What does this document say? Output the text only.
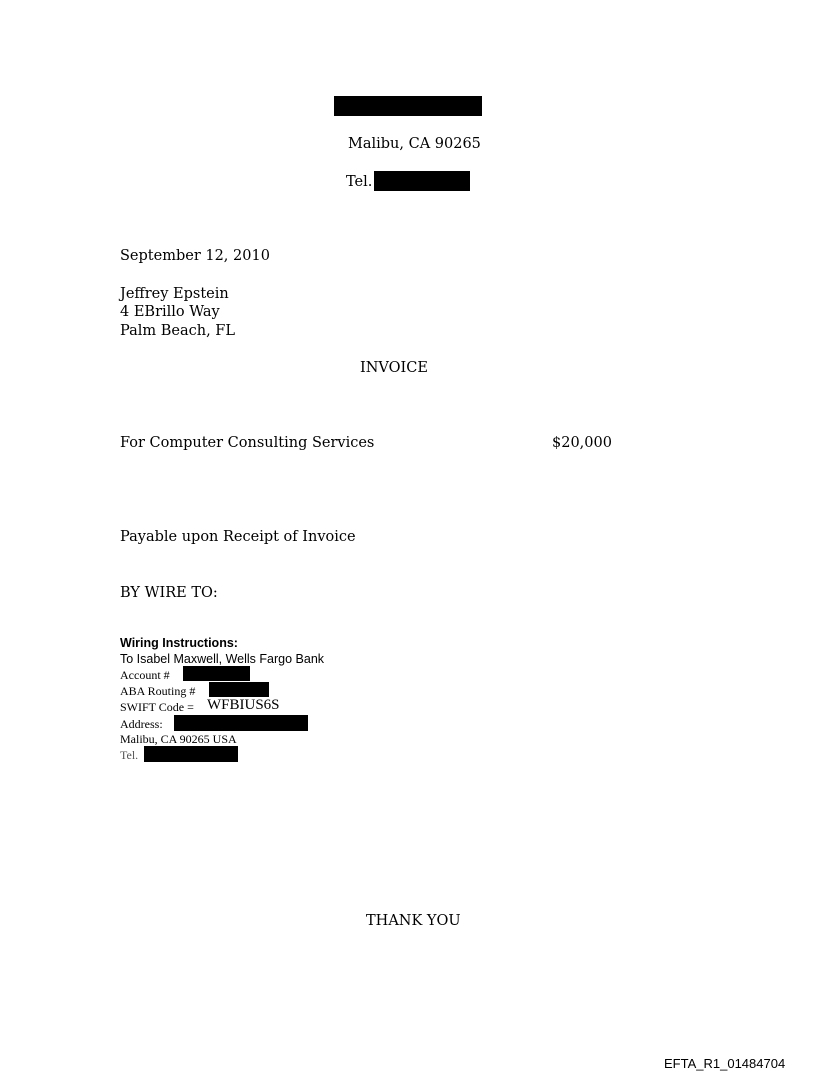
Malibu, CA 90265
Tel.
September 12, 2010
Jeffrey Epstein
4 EBrillo Way
Palm Beach, FL
INVOICE
For Computer Consulting Services	$20,000
Payable upon Receipt of Invoice
BY WIRE TO:
Wiring Instructions:
To Isabel Maxwell, Wells Fargo Bank
Account #
ABA Routing #
SWIFT Code = WFBIUS6S
Address:
Malibu, CA 90265 USA
Tel.
THANK YOU
EFTA_R1_01484704
